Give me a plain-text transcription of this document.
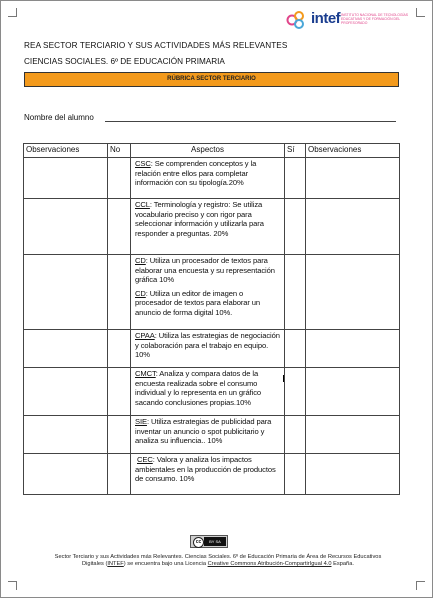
intef INSTITUTO NACIONAL DE TECNOLOGÍAS EDUCATIVAS Y DE FORMACIÓN DEL PROFESORADO
REA SECTOR TERCIARIO Y SUS ACTIVIDADES MÁS RELEVANTES
CIENCIAS SOCIALES. 6º DE EDUCACIÓN PRIMARIA
RÚBRICA SECTOR TERCIARIO
Nombre del alumno
Observaciones	No	Aspectos	Sí	Observaciones

		CSC: Se comprenden conceptos y la relación entre ellos para completar información con su tipología.20%		

		CCL: Terminología y registro: Se utiliza vocabulario preciso y con rigor para seleccionar información y utilizarla para responder a preguntas. 20%		

		CD: Utiliza un procesador de textos para elaborar una encuesta y su representación gráfica 10%

CD: Utiliza un editor de imagen o procesador de textos para elaborar un anuncio de forma digital 10%.		

		CPAA: Utiliza las estrategias de negociación y colaboración para el trabajo en equipo. 10%		

		CMCT: Analiza y compara datos de la encuesta realizada sobre el consumo individual y lo representa en un gráfico sacando conclusiones propias.10%		

		SIE: Utiliza estrategias de publicidad para inventar un anuncio o spot publicitario y analiza su influencia.. 10%		

		CEC: Valora y analiza los impactos ambientales en la producción de productos de consumo. 10%		

cc	BY SA
Sector Terciario y sus Actividades más Relevantes. Ciencias Sociales. 6º de Educación Primaria de Área de Recursos Educativos
Digitales (INTEF) se encuentra bajo una Licencia Creative Commons Atribución-CompartirIgual 4.0 España.
